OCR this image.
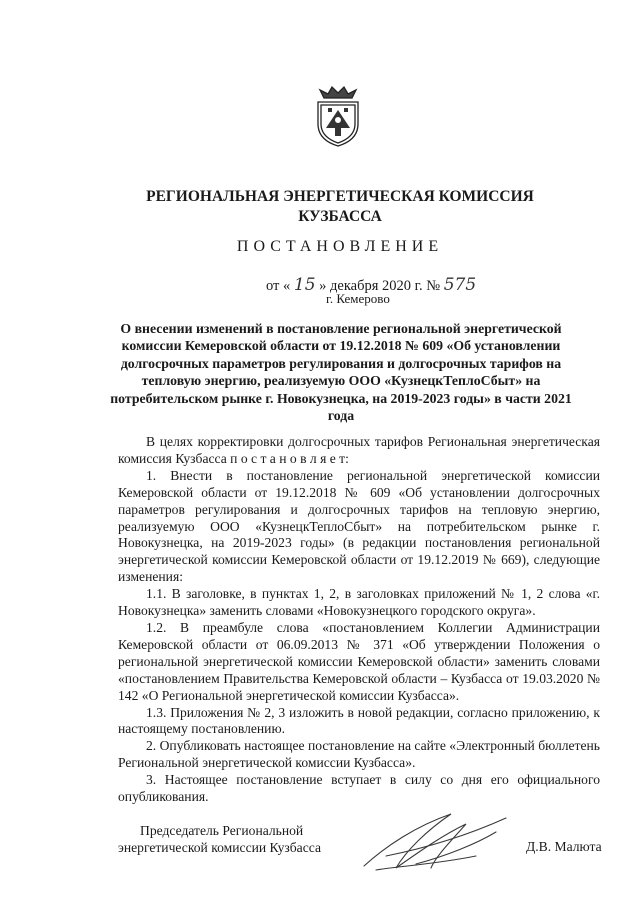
РЕГИОНАЛЬНАЯ ЭНЕРГЕТИЧЕСКАЯ КОМИССИЯ КУЗБАССА
ПОСТАНОВЛЕНИЕ
от « 15 » декабря 2020 г. № 575
г. Кемерово
О внесении изменений в постановление региональной энергетической комиссии Кемеровской области от 19.12.2018 № 609 «Об установлении долгосрочных параметров регулирования и долгосрочных тарифов на тепловую энергию, реализуемую ООО «КузнецкТеплоСбыт» на потребительском рынке г. Новокузнецка, на 2019-2023 годы» в части 2021 года

В целях корректировки долгосрочных тарифов Региональная энергетическая комиссия Кузбасса п о с т а н о в л я е т:

1. Внести в постановление региональной энергетической комиссии Кемеровской области от 19.12.2018 № 609 «Об установлении долгосрочных параметров регулирования и долгосрочных тарифов на тепловую энергию, реализуемую ООО «КузнецкТеплоСбыт» на потребительском рынке г. Новокузнецка, на 2019-2023 годы» (в редакции постановления региональной энергетической комиссии Кемеровской области от 19.12.2019 № 669), следующие изменения:

1.1. В заголовке, в пунктах 1, 2, в заголовках приложений № 1, 2 слова «г. Новокузнецка» заменить словами «Новокузнецкого городского округа».

1.2. В преамбуле слова «постановлением Коллегии Администрации Кемеровской области от 06.09.2013 № 371 «Об утверждении Положения о региональной энергетической комиссии Кемеровской области» заменить словами «постановлением Правительства Кемеровской области – Кузбасса от 19.03.2020 № 142 «О Региональной энергетической комиссии Кузбасса».

1.3. Приложения № 2, 3 изложить в новой редакции, согласно приложению, к настоящему постановлению.

2. Опубликовать настоящее постановление на сайте «Электронный бюллетень Региональной энергетической комиссии Кузбасса».

3. Настоящее постановление вступает в силу со дня его официального опубликования.

Председатель Региональной
энергетической комиссии Кузбасса	Д.В. Малюта
